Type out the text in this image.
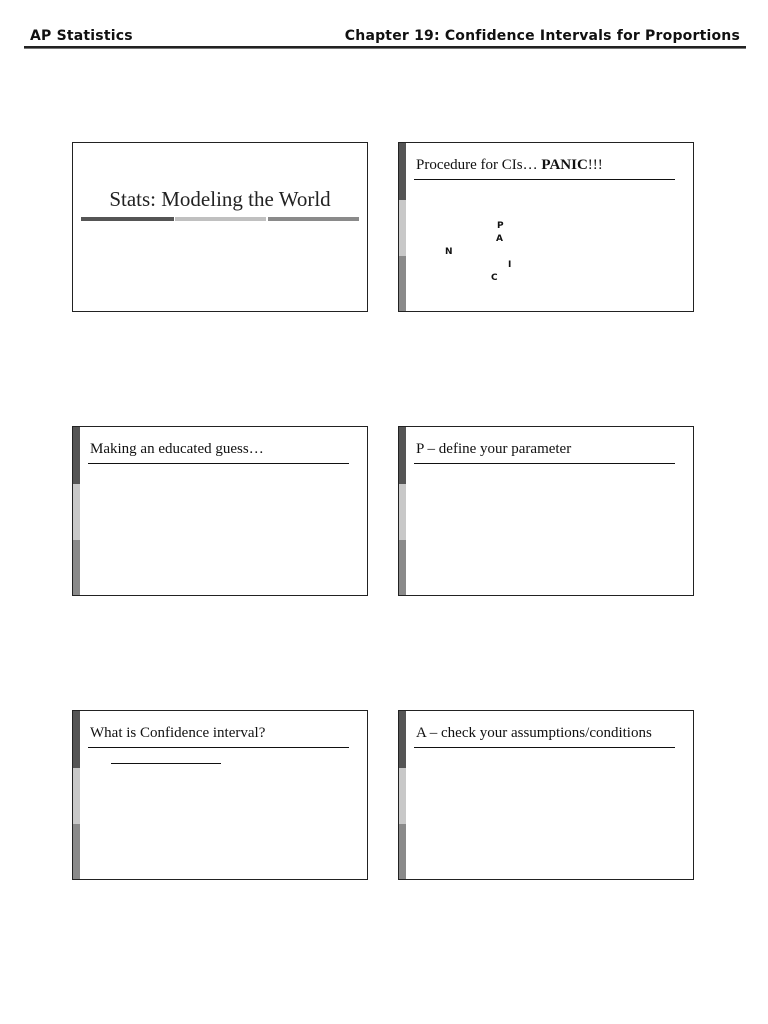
AP Statistics	Chapter 19: Confidence Intervals for Proportions
Stats: Modeling the World
Procedure for CIs… PANIC!!!
P
A
N
I
C
Making an educated guess…	P – define your parameter
What is Confidence interval?	A – check your assumptions/conditions
